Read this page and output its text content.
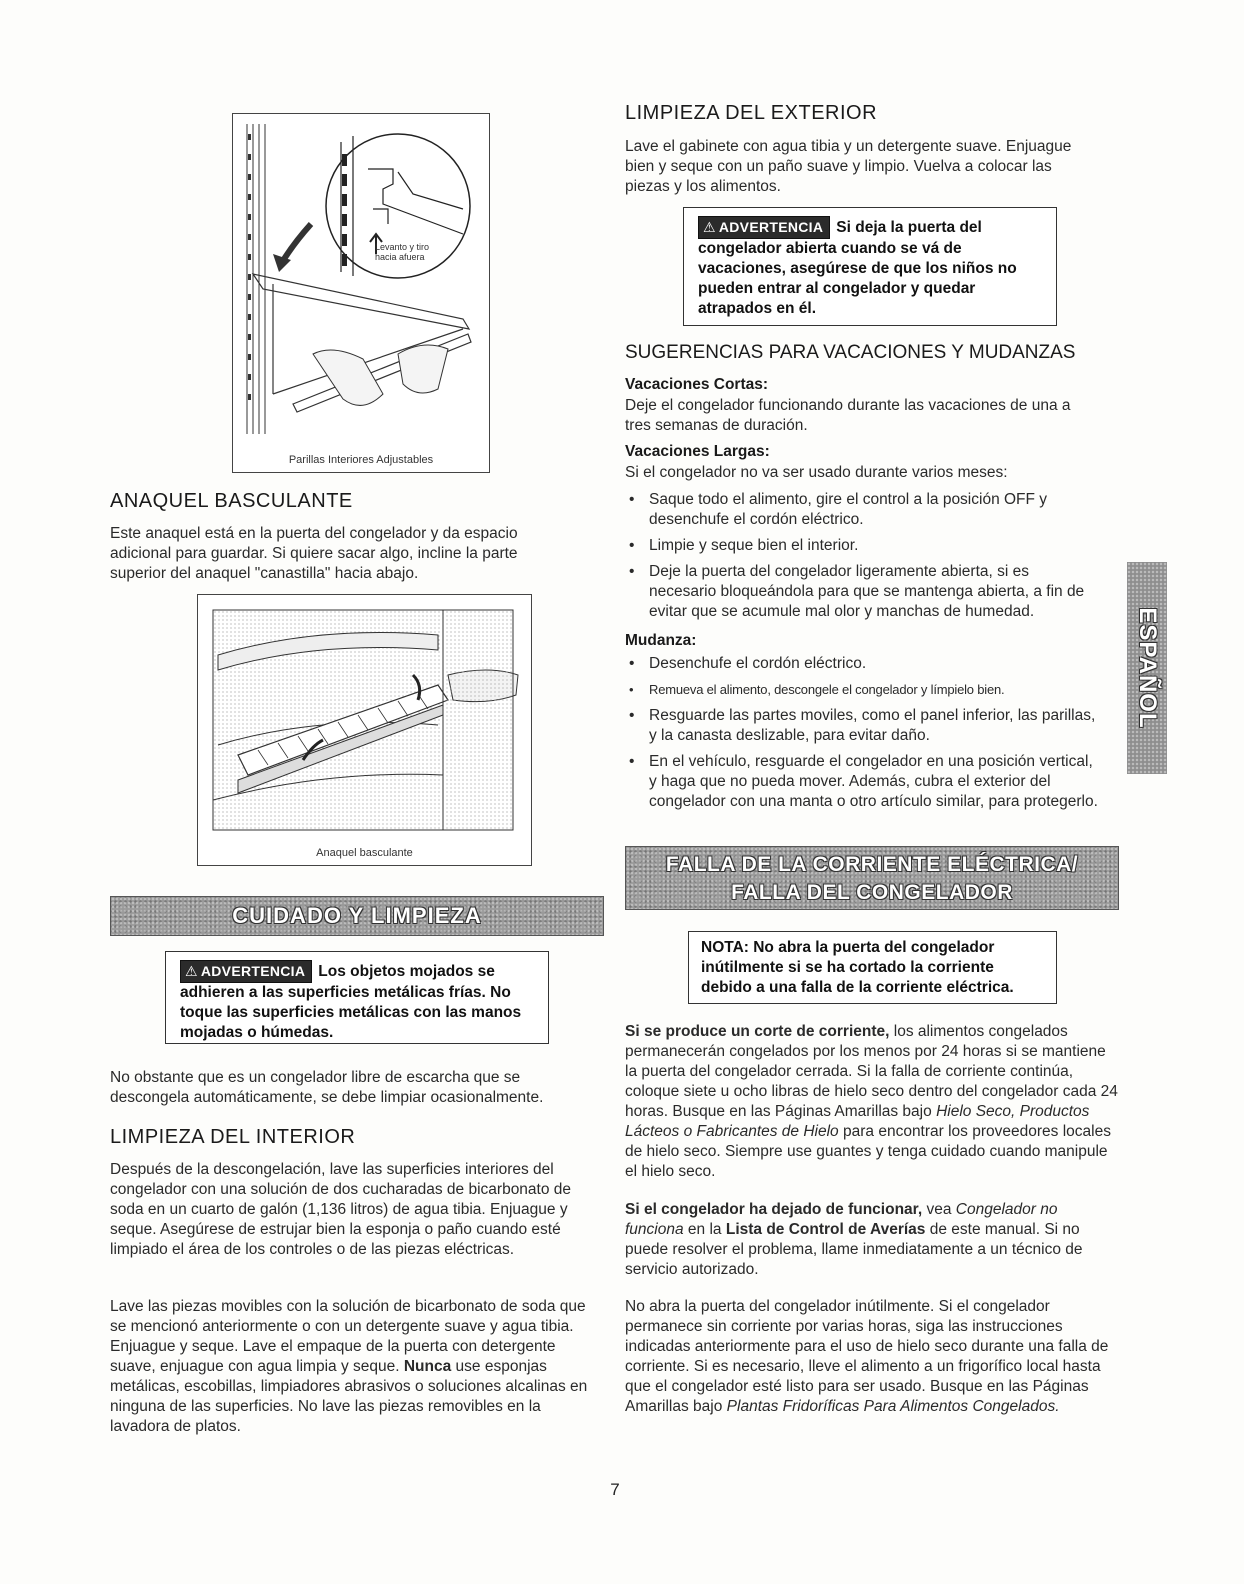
Levanto y tiro hacia afuera
Parillas Interiores Adjustables
ANAQUEL BASCULANTE

Este anaquel está en la puerta del congelador y da espacio adicional para guardar. Si quiere sacar algo, incline la parte superior del anaquel "canastilla" hacia abajo.

Anaquel basculante
CUIDADO Y LIMPIEZA
⚠ ADVERTENCIA Los objetos mojados se adhieren a las superficies metálicas frías. No toque las superficies metálicas con las manos mojadas o húmedas.

No obstante que es un congelador libre de escarcha que se descongela automáticamente, se debe limpiar ocasionalmente.

LIMPIEZA DEL INTERIOR

Después de la descongelación, lave las superficies interiores del congelador con una solución de dos cucharadas de bicarbonato de soda en un cuarto de galón (1,136 litros) de agua tibia. Enjuague y seque. Asegúrese de estrujar bien la esponja o paño cuando esté limpiado el área de los controles o de las piezas eléctricas.

Lave las piezas movibles con la solución de bicarbonato de soda que se mencionó anteriormente o con un detergente suave y agua tibia. Enjuague y seque. Lave el empaque de la puerta con detergente suave, enjuague con agua limpia y seque. Nunca use esponjas metálicas, escobillas, limpiadores abrasivos o soluciones alcalinas en ninguna de las superficies. No lave las piezas removibles en la lavadora de platos.

LIMPIEZA DEL EXTERIOR

Lave el gabinete con agua tibia y un detergente suave. Enjuague bien y seque con un paño suave y limpio. Vuelva a colocar las piezas y los alimentos.

⚠ ADVERTENCIA Si deja la puerta del congelador abierta cuando se vá de vacaciones, asegúrese de que los niños no pueden entrar al congelador y quedar atrapados en él.
SUGERENCIAS PARA VACACIONES Y MUDANZAS
Vacaciones Cortas:

Deje el congelador funcionando durante las vacaciones de una a tres semanas de duración.

Vacaciones Largas:

Si el congelador no va ser usado durante varios meses:

• Saque todo el alimento, gire el control a la posición OFF y desenchufe el cordón eléctrico.
• Limpie y seque bien el interior.
• Deje la puerta del congelador ligeramente abierta, si es necesario bloqueándola para que se mantenga abierta, a fin de evitar que se acumule mal olor y manchas de humedad.
Mudanza:
• Desenchufe el cordón eléctrico.
• Remueva el alimento, descongele el congelador y límpielo bien.
• Resguarde las partes moviles, como el panel inferior, las parillas, y la canasta deslizable, para evitar daño.
• En el vehículo, resguarde el congelador en una posición vertical, y haga que no pueda mover. Además, cubra el exterior del congelador con una manta o otro artículo similar, para protegerlo.
FALLA DE LA CORRIENTE ELÉCTRICA/
FALLA DEL CONGELADOR
NOTA: No abra la puerta del congelador inútilmente si se ha cortado la corriente debido a una falla de la corriente eléctrica.

Si se produce un corte de corriente, los alimentos congelados permanecerán congelados por los menos por 24 horas si se mantiene la puerta del congelador cerrada. Si la falla de corriente continúa, coloque siete u ocho libras de hielo seco dentro del congelador cada 24 horas. Busque en las Páginas Amarillas bajo Hielo Seco, Productos Lácteos o Fabricantes de Hielo para encontrar los proveedores locales de hielo seco. Siempre use guantes y tenga cuidado cuando manipule el hielo seco.

Si el congelador ha dejado de funcionar, vea Congelador no funciona en la Lista de Control de Averías de este manual. Si no puede resolver el problema, llame inmediatamente a un técnico de servicio autorizado.

No abra la puerta del congelador inútilmente. Si el congelador permanece sin corriente por varias horas, siga las instrucciones indicadas anteriormente para el uso de hielo seco durante una falla de corriente. Si es necesario, lleve el alimento a un frigorífico local hasta que el congelador esté listo para ser usado. Busque en las Páginas Amarillas bajo Plantas Fridoríficas Para Alimentos Congelados.

ESPAÑOL
7
